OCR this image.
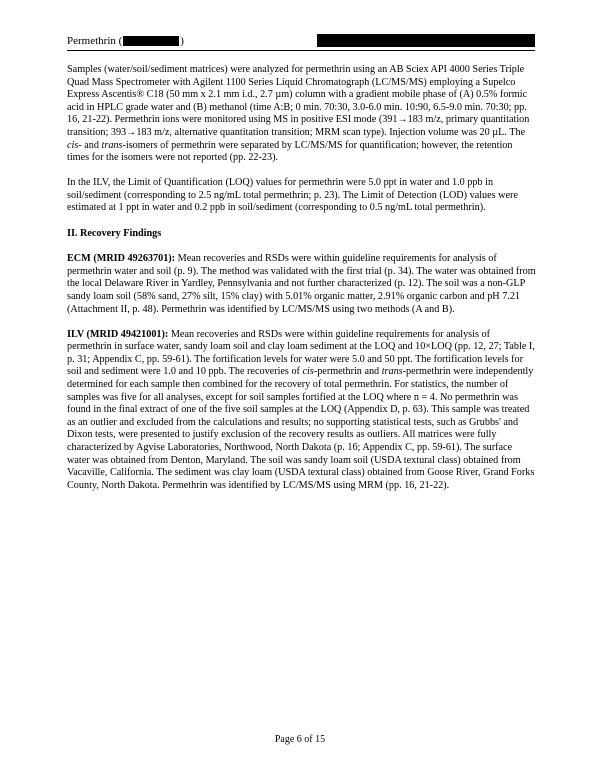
Permethrin (	)

Samples (water/soil/sediment matrices) were analyzed for permethrin using an AB Sciex API 4000 Series Triple Quad Mass Spectrometer with Agilent 1100 Series Liquid Chromatograph (LC/MS/MS) employing a Supelco Express Ascentis® C18 (50 mm x 2.1 mm i.d., 2.7 µm) column with a gradient mobile phase of (A) 0.5% formic acid in HPLC grade water and (B) methanol (time A:B; 0 min. 70:30, 3.0-6.0 min. 10:90, 6.5-9.0 min. 70:30; pp. 16, 21-22). Permethrin ions were monitored using MS in positive ESI mode (391→183 m/z, primary quantitation transition; 393→183 m/z, alternative quantitation transition; MRM scan type). Injection volume was 20 µL. The cis- and trans-isomers of permethrin were separated by LC/MS/MS for quantification; however, the retention times for the isomers were not reported (pp. 22-23).

In the ILV, the Limit of Quantification (LOQ) values for permethrin were 5.0 ppt in water and 1.0 ppb in soil/sediment (corresponding to 2.5 ng/mL total permethrin; p. 23). The Limit of Detection (LOD) values were estimated at 1 ppt in water and 0.2 ppb in soil/sediment (corresponding to 0.5 ng/mL total permethrin).

II. Recovery Findings

ECM (MRID 49263701): Mean recoveries and RSDs were within guideline requirements for analysis of permethrin water and soil (p. 9). The method was validated with the first trial (p. 34). The water was obtained from the local Delaware River in Yardley, Pennsylvania and not further characterized (p. 12). The soil was a non-GLP sandy loam soil (58% sand, 27% silt, 15% clay) with 5.01% organic matter, 2.91% organic carbon and pH 7.21 (Attachment II, p. 48). Permethrin was identified by LC/MS/MS using two methods (A and B).

ILV (MRID 49421001): Mean recoveries and RSDs were within guideline requirements for analysis of permethrin in surface water, sandy loam soil and clay loam sediment at the LOQ and 10×LOQ (pp. 12, 27; Table I, p. 31; Appendix C, pp. 59-61). The fortification levels for water were 5.0 and 50 ppt. The fortification levels for soil and sediment were 1.0 and 10 ppb. The recoveries of cis-permethrin and trans-permethrin were independently determined for each sample then combined for the recovery of total permethrin. For statistics, the number of samples was five for all analyses, except for soil samples fortified at the LOQ where n = 4. No permethrin was found in the final extract of one of the five soil samples at the LOQ (Appendix D, p. 63). This sample was treated as an outlier and excluded from the calculations and results; no supporting statistical tests, such as Grubbs' and Dixon tests, were presented to justify exclusion of the recovery results as outliers. All matrices were fully characterized by Agvise Laboratories, Northwood, North Dakota (p. 16; Appendix C, pp. 59-61). The surface water was obtained from Denton, Maryland. The soil was sandy loam soil (USDA textural class) obtained from Vacaville, California. The sediment was clay loam (USDA textural class) obtained from Goose River, Grand Forks County, North Dakota. Permethrin was identified by LC/MS/MS using MRM (pp. 16, 21-22).

Page 6 of 15
